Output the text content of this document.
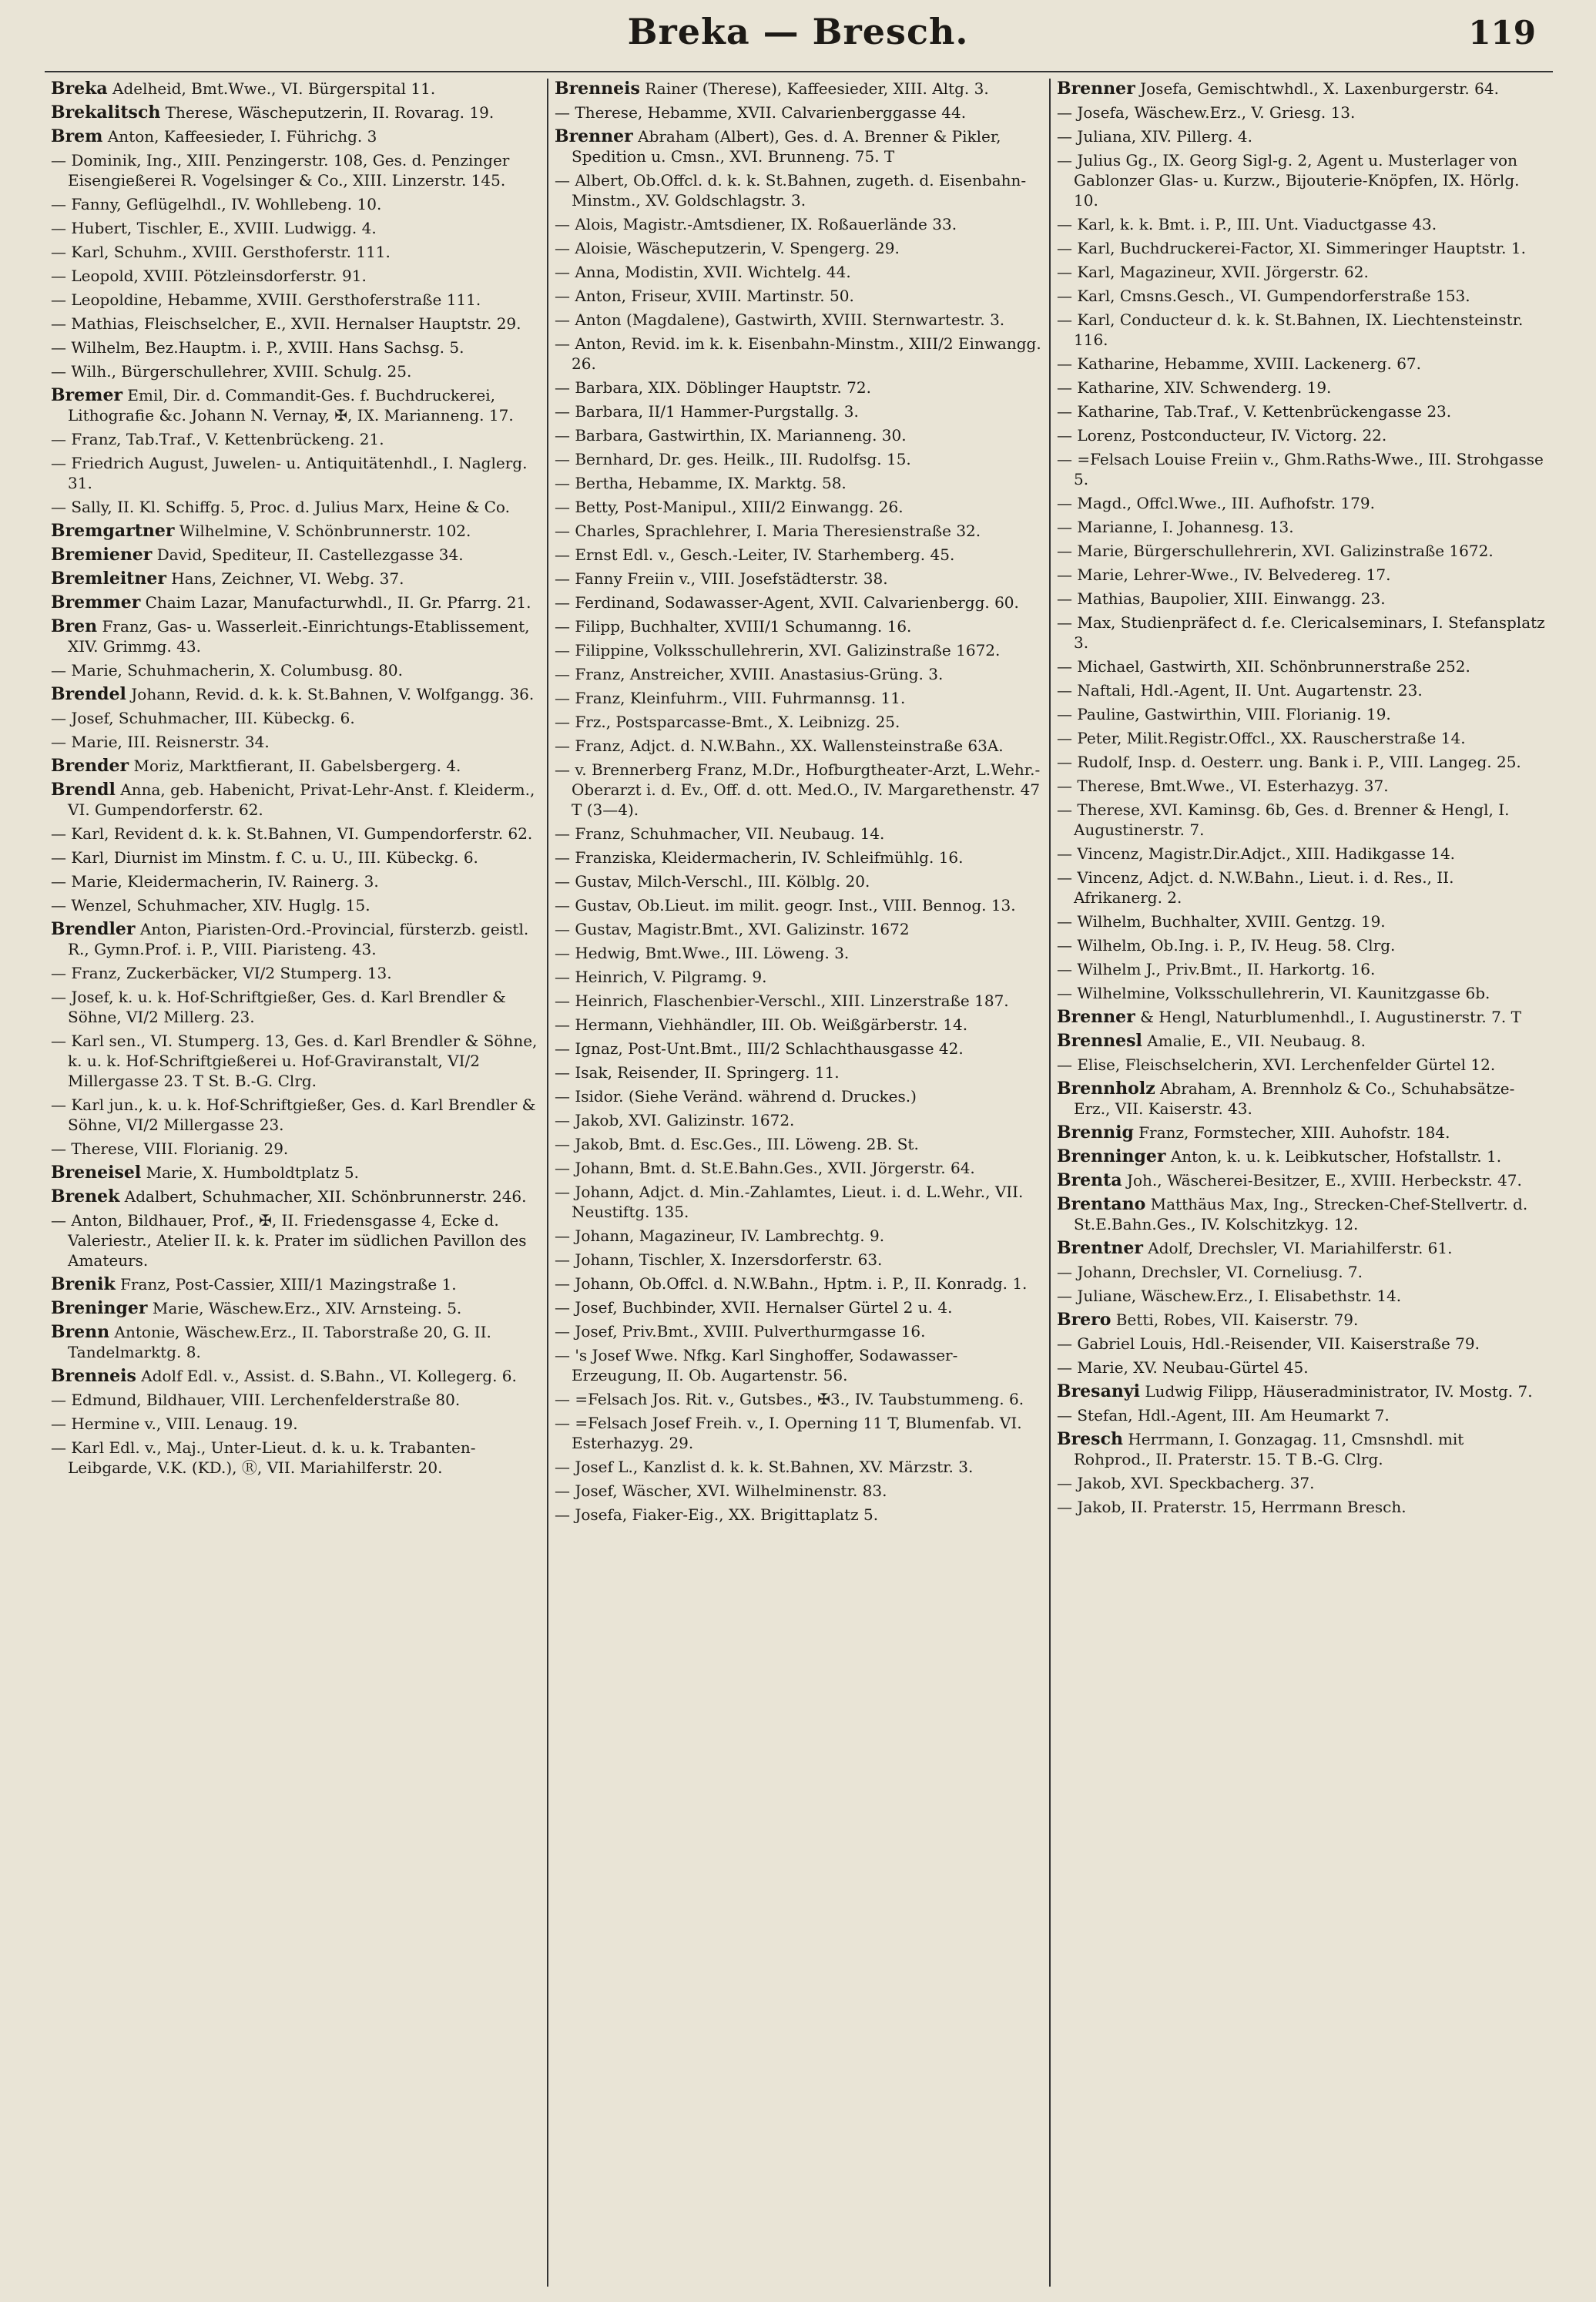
Breka — Bresch.	119
Breka Adelheid, Bmt.Wwe., VI. Bürgerspital 11.
Brekalitsch Therese, Wäscheputzerin, II. Rovarag. 19.
Brem Anton, Kaffeesieder, I. Führichg. 3
— Dominik, Ing., XIII. Penzingerstr. 108, Ges. d. Penzinger Eisengießerei R. Vogelsinger & Co., XIII. Linzerstr. 145.
— Fanny, Geflügelhdl., IV. Wohllebeng. 10.
— Hubert, Tischler, E., XVIII. Ludwigg. 4.
— Karl, Schuhm., XVIII. Gersthoferstr. 111.
— Leopold, XVIII. Pötzleinsdorferstr. 91.
— Leopoldine, Hebamme, XVIII. Gersthoferstraße 111.
— Mathias, Fleischselcher, E., XVII. Hernalser Hauptstr. 29.
— Wilhelm, Bez.Hauptm. i. P., XVIII. Hans Sachsg. 5.
— Wilh., Bürgerschullehrer, XVIII. Schulg. 25.
Bremer Emil, Dir. d. Commandit-Ges. f. Buchdruckerei, Lithografie &c. Johann N. Vernay, ✠, IX. Marianneng. 17.
— Franz, Tab.Traf., V. Kettenbrückeng. 21.
— Friedrich August, Juwelen- u. Antiquitätenhdl., I. Naglerg. 31.
— Sally, II. Kl. Schiffg. 5, Proc. d. Julius Marx, Heine & Co.
Bremgartner Wilhelmine, V. Schönbrunnerstr. 102.
Bremiener David, Spediteur, II. Castellezgasse 34.
Bremleitner Hans, Zeichner, VI. Webg. 37.
Bremmer Chaim Lazar, Manufacturwhdl., II. Gr. Pfarrg. 21.
Bren Franz, Gas- u. Wasserleit.-Einrichtungs-Etablissement, XIV. Grimmg. 43.
— Marie, Schuhmacherin, X. Columbusg. 80.
Brendel Johann, Revid. d. k. k. St.Bahnen, V. Wolfgangg. 36.
— Josef, Schuhmacher, III. Kübeckg. 6.
— Marie, III. Reisnerstr. 34.
Brender Moriz, Marktfierant, II. Gabelsbergerg. 4.
Brendl Anna, geb. Habenicht, Privat-Lehr-Anst. f. Kleiderm., VI. Gumpendorferstr. 62.
— Karl, Revident d. k. k. St.Bahnen, VI. Gumpendorferstr. 62.
— Karl, Diurnist im Minstm. f. C. u. U., III. Kübeckg. 6.
— Marie, Kleidermacherin, IV. Rainerg. 3.
— Wenzel, Schuhmacher, XIV. Huglg. 15.
Brendler Anton, Piaristen-Ord.-Provincial, fürsterzb. geistl. R., Gymn.Prof. i. P., VIII. Piaristeng. 43.
— Franz, Zuckerbäcker, VI/2 Stumperg. 13.
— Josef, k. u. k. Hof-Schriftgießer, Ges. d. Karl Brendler & Söhne, VI/2 Millerg. 23.
— Karl sen., VI. Stumperg. 13, Ges. d. Karl Brendler & Söhne, k. u. k. Hof-Schriftgießerei u. Hof-Graviranstalt, VI/2 Millergasse 23. T St. B.-G. Clrg.
— Karl jun., k. u. k. Hof-Schriftgießer, Ges. d. Karl Brendler & Söhne, VI/2 Millergasse 23.
— Therese, VIII. Florianig. 29.
Breneisel Marie, X. Humboldtplatz 5.
Brenek Adalbert, Schuhmacher, XII. Schönbrunnerstr. 246.
— Anton, Bildhauer, Prof., ✠, II. Friedensgasse 4, Ecke d. Valeriestr., Atelier II. k. k. Prater im südlichen Pavillon des Amateurs.
Brenik Franz, Post-Cassier, XIII/1 Mazingstraße 1.
Breninger Marie, Wäschew.Erz., XIV. Arnsteing. 5.
Brenn Antonie, Wäschew.Erz., II. Taborstraße 20, G. II. Tandelmarktg. 8.
Brenneis Adolf Edl. v., Assist. d. S.Bahn., VI. Kollegerg. 6.
— Edmund, Bildhauer, VIII. Lerchenfelderstraße 80.
— Hermine v., VIII. Lenaug. 19.
— Karl Edl. v., Maj., Unter-Lieut. d. k. u. k. Trabanten-Leibgarde, V.K. (KD.), Ⓡ, VII. Mariahilferstr. 20.
Brenneis Rainer (Therese), Kaffeesieder, XIII. Altg. 3.
— Therese, Hebamme, XVII. Calvarienberggasse 44.
Brenner Abraham (Albert), Ges. d. A. Brenner & Pikler, Spedition u. Cmsn., XVI. Brunneng. 75. T
— Albert, Ob.Offcl. d. k. k. St.Bahnen, zugeth. d. Eisenbahn-Minstm., XV. Goldschlagstr. 3.
— Alois, Magistr.-Amtsdiener, IX. Roßauerlände 33.
— Aloisie, Wäscheputzerin, V. Spengerg. 29.
— Anna, Modistin, XVII. Wichtelg. 44.
— Anton, Friseur, XVIII. Martinstr. 50.
— Anton (Magdalene), Gastwirth, XVIII. Sternwartestr. 3.
— Anton, Revid. im k. k. Eisenbahn-Minstm., XIII/2 Einwangg. 26.
— Barbara, XIX. Döblinger Hauptstr. 72.
— Barbara, II/1 Hammer-Purgstallg. 3.
— Barbara, Gastwirthin, IX. Marianneng. 30.
— Bernhard, Dr. ges. Heilk., III. Rudolfsg. 15.
— Bertha, Hebamme, IX. Marktg. 58.
— Betty, Post-Manipul., XIII/2 Einwangg. 26.
— Charles, Sprachlehrer, I. Maria Theresienstraße 32.
— Ernst Edl. v., Gesch.-Leiter, IV. Starhemberg. 45.
— Fanny Freiin v., VIII. Josefstädterstr. 38.
— Ferdinand, Sodawasser-Agent, XVII. Calvarienbergg. 60.
— Filipp, Buchhalter, XVIII/1 Schumanng. 16.
— Filippine, Volksschullehrerin, XVI. Galizinstraße 1672.
— Franz, Anstreicher, XVIII. Anastasius-Grüng. 3.
— Franz, Kleinfuhrm., VIII. Fuhrmannsg. 11.
— Frz., Postsparcasse-Bmt., X. Leibnizg. 25.
— Franz, Adjct. d. N.W.Bahn., XX. Wallensteinstraße 63A.
— v. Brennerberg Franz, M.Dr., Hofburgtheater-Arzt, L.Wehr.-Oberarzt i. d. Ev., Off. d. ott. Med.O., IV. Margarethenstr. 47 T (3—4).
— Franz, Schuhmacher, VII. Neubaug. 14.
— Franziska, Kleidermacherin, IV. Schleifmühlg. 16.
— Gustav, Milch-Verschl., III. Kölblg. 20.
— Gustav, Ob.Lieut. im milit. geogr. Inst., VIII. Bennog. 13.
— Gustav, Magistr.Bmt., XVI. Galizinstr. 1672
— Hedwig, Bmt.Wwe., III. Löweng. 3.
— Heinrich, V. Pilgramg. 9.
— Heinrich, Flaschenbier-Verschl., XIII. Linzerstraße 187.
— Hermann, Viehhändler, III. Ob. Weißgärberstr. 14.
— Ignaz, Post-Unt.Bmt., III/2 Schlachthausgasse 42.
— Isak, Reisender, II. Springerg. 11.
— Isidor. (Siehe Veränd. während d. Druckes.)
— Jakob, XVI. Galizinstr. 1672.
— Jakob, Bmt. d. Esc.Ges., III. Löweng. 2B. St.
— Johann, Bmt. d. St.E.Bahn.Ges., XVII. Jörgerstr. 64.
— Johann, Adjct. d. Min.-Zahlamtes, Lieut. i. d. L.Wehr., VII. Neustiftg. 135.
— Johann, Magazineur, IV. Lambrechtg. 9.
— Johann, Tischler, X. Inzersdorferstr. 63.
— Johann, Ob.Offcl. d. N.W.Bahn., Hptm. i. P., II. Konradg. 1.
— Josef, Buchbinder, XVII. Hernalser Gürtel 2 u. 4.
— Josef, Priv.Bmt., XVIII. Pulverthurmgasse 16.
— 's Josef Wwe. Nfkg. Karl Singhoffer, Sodawasser-Erzeugung, II. Ob. Augartenstr. 56.
— =Felsach Jos. Rit. v., Gutsbes., ✠3., IV. Taubstummeng. 6.
— =Felsach Josef Freih. v., I. Operning 11 T, Blumenfab. VI. Esterhazyg. 29.
— Josef L., Kanzlist d. k. k. St.Bahnen, XV. Märzstr. 3.
— Josef, Wäscher, XVI. Wilhelminenstr. 83.
— Josefa, Fiaker-Eig., XX. Brigittaplatz 5.
Brenner Josefa, Gemischtwhdl., X. Laxenburgerstr. 64.
— Josefa, Wäschew.Erz., V. Griesg. 13.
— Juliana, XIV. Pillerg. 4.
— Julius Gg., IX. Georg Sigl-g. 2, Agent u. Musterlager von Gablonzer Glas- u. Kurzw., Bijouterie-Knöpfen, IX. Hörlg. 10.
— Karl, k. k. Bmt. i. P., III. Unt. Viaductgasse 43.
— Karl, Buchdruckerei-Factor, XI. Simmeringer Hauptstr. 1.
— Karl, Magazineur, XVII. Jörgerstr. 62.
— Karl, Cmsns.Gesch., VI. Gumpendorferstraße 153.
— Karl, Conducteur d. k. k. St.Bahnen, IX. Liechtensteinstr. 116.
— Katharine, Hebamme, XVIII. Lackenerg. 67.
— Katharine, XIV. Schwenderg. 19.
— Katharine, Tab.Traf., V. Kettenbrückengasse 23.
— Lorenz, Postconducteur, IV. Victorg. 22.
— =Felsach Louise Freiin v., Ghm.Raths-Wwe., III. Strohgasse 5.
— Magd., Offcl.Wwe., III. Aufhofstr. 179.
— Marianne, I. Johannesg. 13.
— Marie, Bürgerschullehrerin, XVI. Galizinstraße 1672.
— Marie, Lehrer-Wwe., IV. Belvedereg. 17.
— Mathias, Baupolier, XIII. Einwangg. 23.
— Max, Studienpräfect d. f.e. Clericalseminars, I. Stefansplatz 3.
— Michael, Gastwirth, XII. Schönbrunnerstraße 252.
— Naftali, Hdl.-Agent, II. Unt. Augartenstr. 23.
— Pauline, Gastwirthin, VIII. Florianig. 19.
— Peter, Milit.Registr.Offcl., XX. Rauscherstraße 14.
— Rudolf, Insp. d. Oesterr. ung. Bank i. P., VIII. Langeg. 25.
— Therese, Bmt.Wwe., VI. Esterhazyg. 37.
— Therese, XVI. Kaminsg. 6b, Ges. d. Brenner & Hengl, I. Augustinerstr. 7.
— Vincenz, Magistr.Dir.Adjct., XIII. Hadikgasse 14.
— Vincenz, Adjct. d. N.W.Bahn., Lieut. i. d. Res., II. Afrikanerg. 2.
— Wilhelm, Buchhalter, XVIII. Gentzg. 19.
— Wilhelm, Ob.Ing. i. P., IV. Heug. 58. Clrg.
— Wilhelm J., Priv.Bmt., II. Harkortg. 16.
— Wilhelmine, Volksschullehrerin, VI. Kaunitzgasse 6b.
Brenner & Hengl, Naturblumenhdl., I. Augustinerstr. 7. T
Brennesl Amalie, E., VII. Neubaug. 8.
— Elise, Fleischselcherin, XVI. Lerchenfelder Gürtel 12.
Brennholz Abraham, A. Brennholz & Co., Schuhabsätze-Erz., VII. Kaiserstr. 43.
Brennig Franz, Formstecher, XIII. Auhofstr. 184.
Brenninger Anton, k. u. k. Leibkutscher, Hofstallstr. 1.
Brenta Joh., Wäscherei-Besitzer, E., XVIII. Herbeckstr. 47.
Brentano Matthäus Max, Ing., Strecken-Chef-Stellvertr. d. St.E.Bahn.Ges., IV. Kolschitzkyg. 12.
Brentner Adolf, Drechsler, VI. Mariahilferstr. 61.
— Johann, Drechsler, VI. Corneliusg. 7.
— Juliane, Wäschew.Erz., I. Elisabethstr. 14.
Brero Betti, Robes, VII. Kaiserstr. 79.
— Gabriel Louis, Hdl.-Reisender, VII. Kaiserstraße 79.
— Marie, XV. Neubau-Gürtel 45.
Bresanyi Ludwig Filipp, Häuseradministrator, IV. Mostg. 7.
— Stefan, Hdl.-Agent, III. Am Heumarkt 7.
Bresch Herrmann, I. Gonzagag. 11, Cmsnshdl. mit Rohprod., II. Praterstr. 15. T B.-G. Clrg.
— Jakob, XVI. Speckbacherg. 37.
— Jakob, II. Praterstr. 15, Herrmann Bresch.
